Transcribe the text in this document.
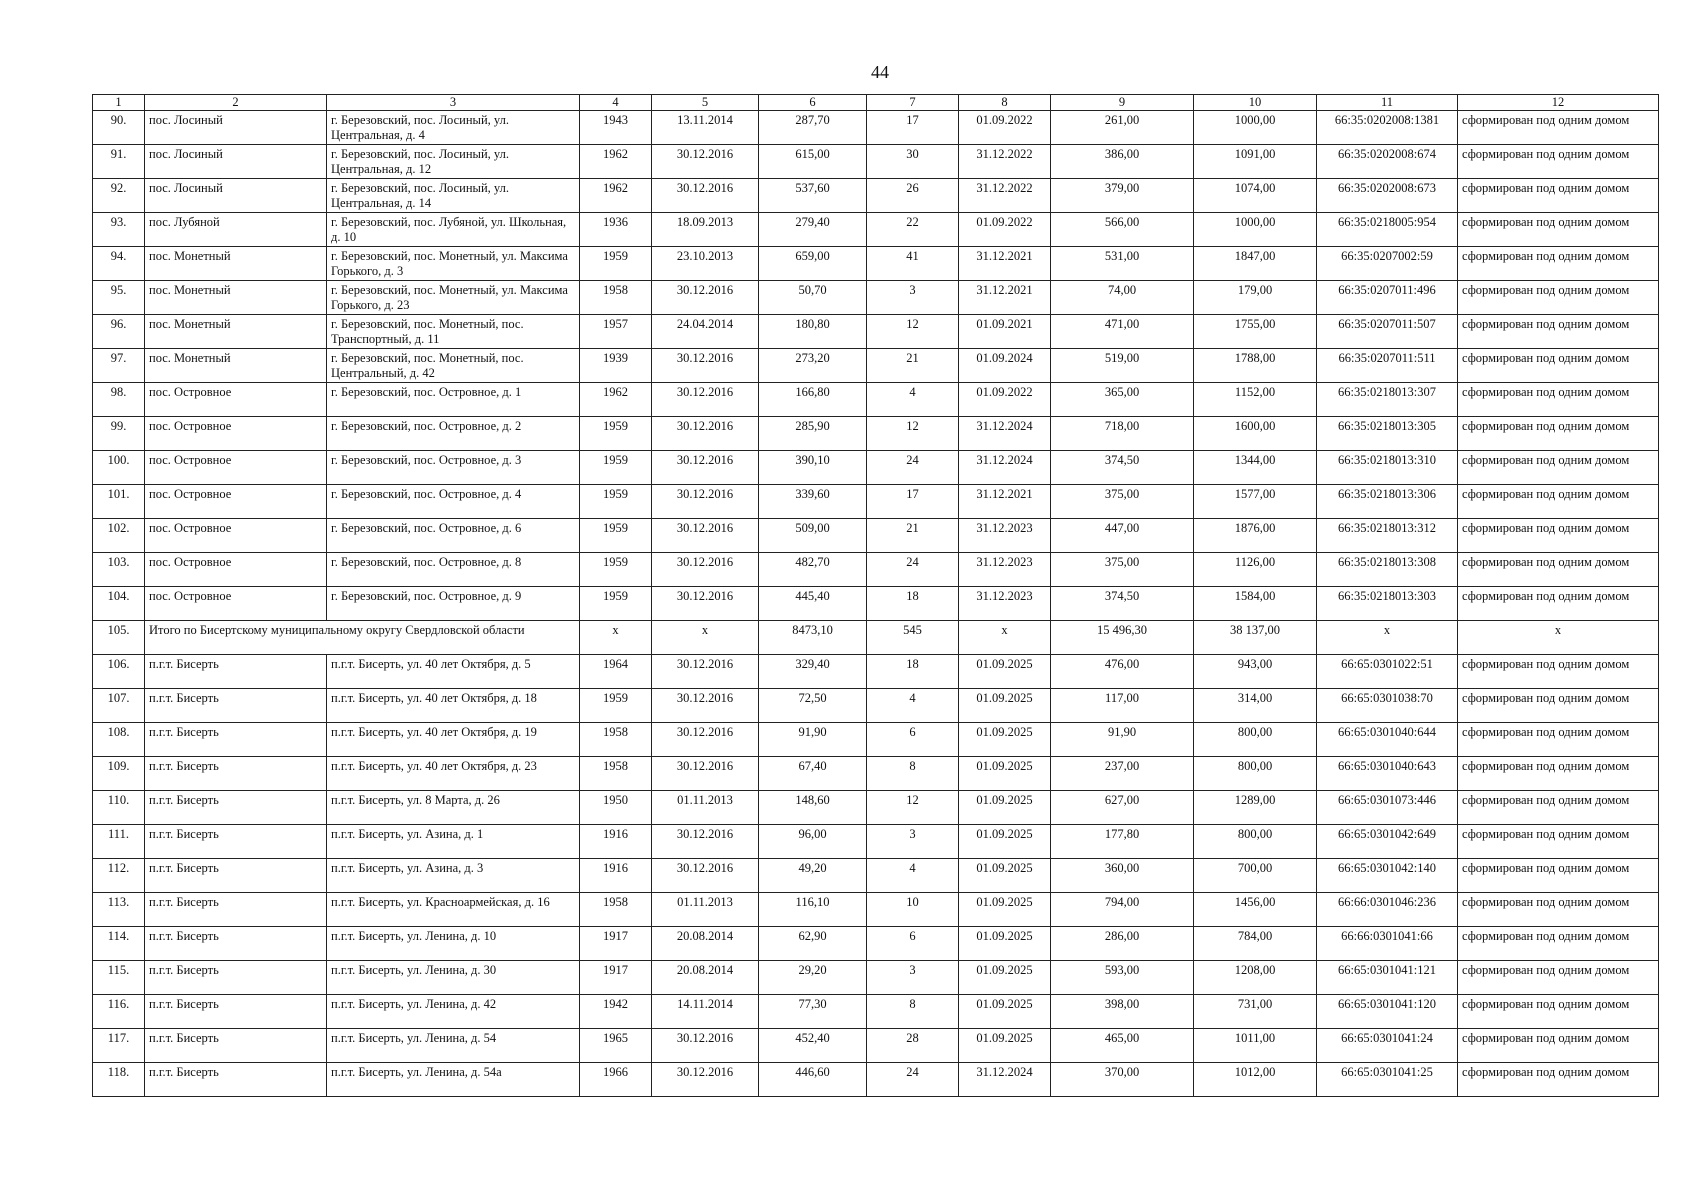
44
1	2	3	4	5	6	7	8	9	10	11	12
90.	пос. Лосиный	г. Березовский, пос. Лосиный, ул. Центральная, д. 4	1943	13.11.2014	287,70	17	01.09.2022	261,00	1000,00	66:35:0202008:1381	сформирован под одним домом
91.	пос. Лосиный	г. Березовский, пос. Лосиный, ул. Центральная, д. 12	1962	30.12.2016	615,00	30	31.12.2022	386,00	1091,00	66:35:0202008:674	сформирован под одним домом
92.	пос. Лосиный	г. Березовский, пос. Лосиный, ул. Центральная, д. 14	1962	30.12.2016	537,60	26	31.12.2022	379,00	1074,00	66:35:0202008:673	сформирован под одним домом
93.	пос. Лубяной	г. Березовский, пос. Лубяной, ул. Школьная, д. 10	1936	18.09.2013	279,40	22	01.09.2022	566,00	1000,00	66:35:0218005:954	сформирован под одним домом
94.	пос. Монетный	г. Березовский, пос. Монетный, ул. Максима Горького, д. 3	1959	23.10.2013	659,00	41	31.12.2021	531,00	1847,00	66:35:0207002:59	сформирован под одним домом
95.	пос. Монетный	г. Березовский, пос. Монетный, ул. Максима Горького, д. 23	1958	30.12.2016	50,70	3	31.12.2021	74,00	179,00	66:35:0207011:496	сформирован под одним домом
96.	пос. Монетный	г. Березовский, пос. Монетный, пос. Транспортный, д. 11	1957	24.04.2014	180,80	12	01.09.2021	471,00	1755,00	66:35:0207011:507	сформирован под одним домом
97.	пос. Монетный	г. Березовский, пос. Монетный, пос. Центральный, д. 42	1939	30.12.2016	273,20	21	01.09.2024	519,00	1788,00	66:35:0207011:511	сформирован под одним домом
98.	пос. Островное	г. Березовский, пос. Островное, д. 1	1962	30.12.2016	166,80	4	01.09.2022	365,00	1152,00	66:35:0218013:307	сформирован под одним домом
99.	пос. Островное	г. Березовский, пос. Островное, д. 2	1959	30.12.2016	285,90	12	31.12.2024	718,00	1600,00	66:35:0218013:305	сформирован под одним домом
100.	пос. Островное	г. Березовский, пос. Островное, д. 3	1959	30.12.2016	390,10	24	31.12.2024	374,50	1344,00	66:35:0218013:310	сформирован под одним домом
101.	пос. Островное	г. Березовский, пос. Островное, д. 4	1959	30.12.2016	339,60	17	31.12.2021	375,00	1577,00	66:35:0218013:306	сформирован под одним домом
102.	пос. Островное	г. Березовский, пос. Островное, д. 6	1959	30.12.2016	509,00	21	31.12.2023	447,00	1876,00	66:35:0218013:312	сформирован под одним домом
103.	пос. Островное	г. Березовский, пос. Островное, д. 8	1959	30.12.2016	482,70	24	31.12.2023	375,00	1126,00	66:35:0218013:308	сформирован под одним домом
104.	пос. Островное	г. Березовский, пос. Островное, д. 9	1959	30.12.2016	445,40	18	31.12.2023	374,50	1584,00	66:35:0218013:303	сформирован под одним домом
105.	Итого по Бисертскому муниципальному округу Свердловской области		x	x	8473,10	545	x	15 496,30	38 137,00	x	x
106.	п.г.т. Бисерть	п.г.т. Бисерть, ул. 40 лет Октября, д. 5	1964	30.12.2016	329,40	18	01.09.2025	476,00	943,00	66:65:0301022:51	сформирован под одним домом
107.	п.г.т. Бисерть	п.г.т. Бисерть, ул. 40 лет Октября, д. 18	1959	30.12.2016	72,50	4	01.09.2025	117,00	314,00	66:65:0301038:70	сформирован под одним домом
108.	п.г.т. Бисерть	п.г.т. Бисерть, ул. 40 лет Октября, д. 19	1958	30.12.2016	91,90	6	01.09.2025	91,90	800,00	66:65:0301040:644	сформирован под одним домом
109.	п.г.т. Бисерть	п.г.т. Бисерть, ул. 40 лет Октября, д. 23	1958	30.12.2016	67,40	8	01.09.2025	237,00	800,00	66:65:0301040:643	сформирован под одним домом
110.	п.г.т. Бисерть	п.г.т. Бисерть, ул. 8 Марта, д. 26	1950	01.11.2013	148,60	12	01.09.2025	627,00	1289,00	66:65:0301073:446	сформирован под одним домом
111.	п.г.т. Бисерть	п.г.т. Бисерть, ул. Азина, д. 1	1916	30.12.2016	96,00	3	01.09.2025	177,80	800,00	66:65:0301042:649	сформирован под одним домом
112.	п.г.т. Бисерть	п.г.т. Бисерть, ул. Азина, д. 3	1916	30.12.2016	49,20	4	01.09.2025	360,00	700,00	66:65:0301042:140	сформирован под одним домом
113.	п.г.т. Бисерть	п.г.т. Бисерть, ул. Красноармейская, д. 16	1958	01.11.2013	116,10	10	01.09.2025	794,00	1456,00	66:66:0301046:236	сформирован под одним домом
114.	п.г.т. Бисерть	п.г.т. Бисерть, ул. Ленина, д. 10	1917	20.08.2014	62,90	6	01.09.2025	286,00	784,00	66:66:0301041:66	сформирован под одним домом
115.	п.г.т. Бисерть	п.г.т. Бисерть, ул. Ленина, д. 30	1917	20.08.2014	29,20	3	01.09.2025	593,00	1208,00	66:65:0301041:121	сформирован под одним домом
116.	п.г.т. Бисерть	п.г.т. Бисерть, ул. Ленина, д. 42	1942	14.11.2014	77,30	8	01.09.2025	398,00	731,00	66:65:0301041:120	сформирован под одним домом
117.	п.г.т. Бисерть	п.г.т. Бисерть, ул. Ленина, д. 54	1965	30.12.2016	452,40	28	01.09.2025	465,00	1011,00	66:65:0301041:24	сформирован под одним домом
118.	п.г.т. Бисерть	п.г.т. Бисерть, ул. Ленина, д. 54а	1966	30.12.2016	446,60	24	31.12.2024	370,00	1012,00	66:65:0301041:25	сформирован под одним домом
